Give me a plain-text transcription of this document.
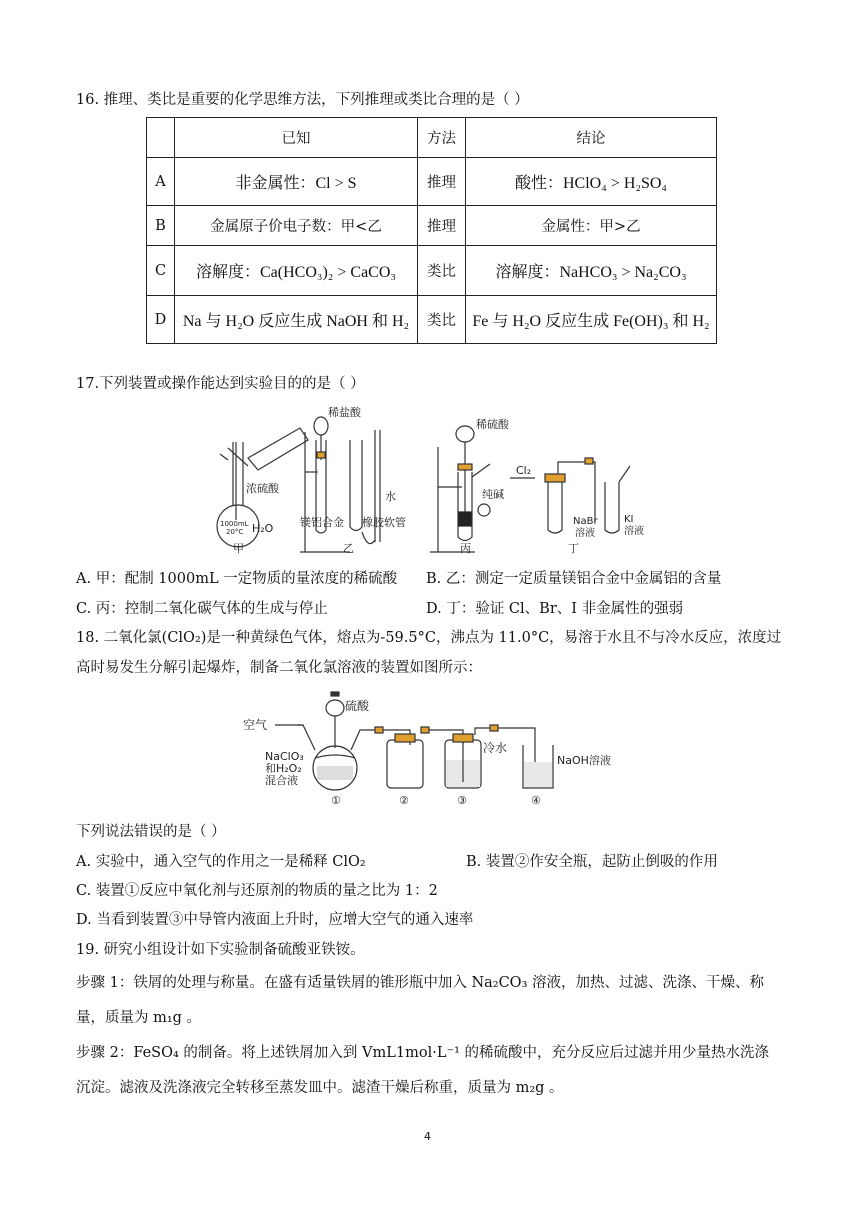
16. 推理、类比是重要的化学思维方法，下列推理或类比合理的是（ ）
	已知	方法	结论
A	非金属性：Cl > S	推理	酸性：HClO₄ > H₂SO₄
B	金属原子价电子数：甲<乙	推理	金属性：甲>乙
C	溶解度：Ca(HCO₃)₂ > CaCO₃	类比	溶解度：NaHCO₃ > Na₂CO₃
D	Na 与 H₂O 反应生成 NaOH 和 H₂	类比	Fe 与 H₂O 反应生成 Fe(OH)₃ 和 H₂
17.下列装置或操作能达到实验目的的是（ ）
浓硫酸
1000mL
20°C H₂O
甲
稀盐酸
镁铝合金
水
橡胶软管
乙
稀硫酸
纯碱
丙
Cl₂
NaBr
溶液
KI
溶液
丁
A. 甲：配制 1000mL 一定物质的量浓度的稀硫酸 B. 乙：测定一定质量镁铝合金中金属铝的含量
C. 丙：控制二氧化碳气体的生成与停止	D. 丁：验证 Cl、Br、I 非金属性的强弱
18. 二氧化氯(ClO₂)是一种黄绿色气体，熔点为-59.5°C，沸点为 11.0°C，易溶于水且不与冷水反应，浓度过
高时易发生分解引起爆炸，制备二氧化氯溶液的装置如图所示：
空气
硫酸
NaClO₃
和H₂O₂
混合液
冷水
NaOH溶液
①	②	③	④
下列说法错误的是（ ）
A. 实验中，通入空气的作用之一是稀释 ClO₂	B. 装置②作安全瓶，起防止倒吸的作用
C. 装置①反应中氧化剂与还原剂的物质的量之比为 1：2
D. 当看到装置③中导管内液面上升时，应增大空气的通入速率
19. 研究小组设计如下实验制备硫酸亚铁铵。
步骤 1：铁屑的处理与称量。在盛有适量铁屑的锥形瓶中加入 Na₂CO₃ 溶液，加热、过滤、洗涤、干燥、称
量，质量为 m₁g 。
步骤 2：FeSO₄ 的制备。将上述铁屑加入到 VmL1mol·L⁻¹ 的稀硫酸中，充分反应后过滤并用少量热水洗涤
沉淀。滤液及洗涤液完全转移至蒸发皿中。滤渣干燥后称重，质量为 m₂g 。
4
